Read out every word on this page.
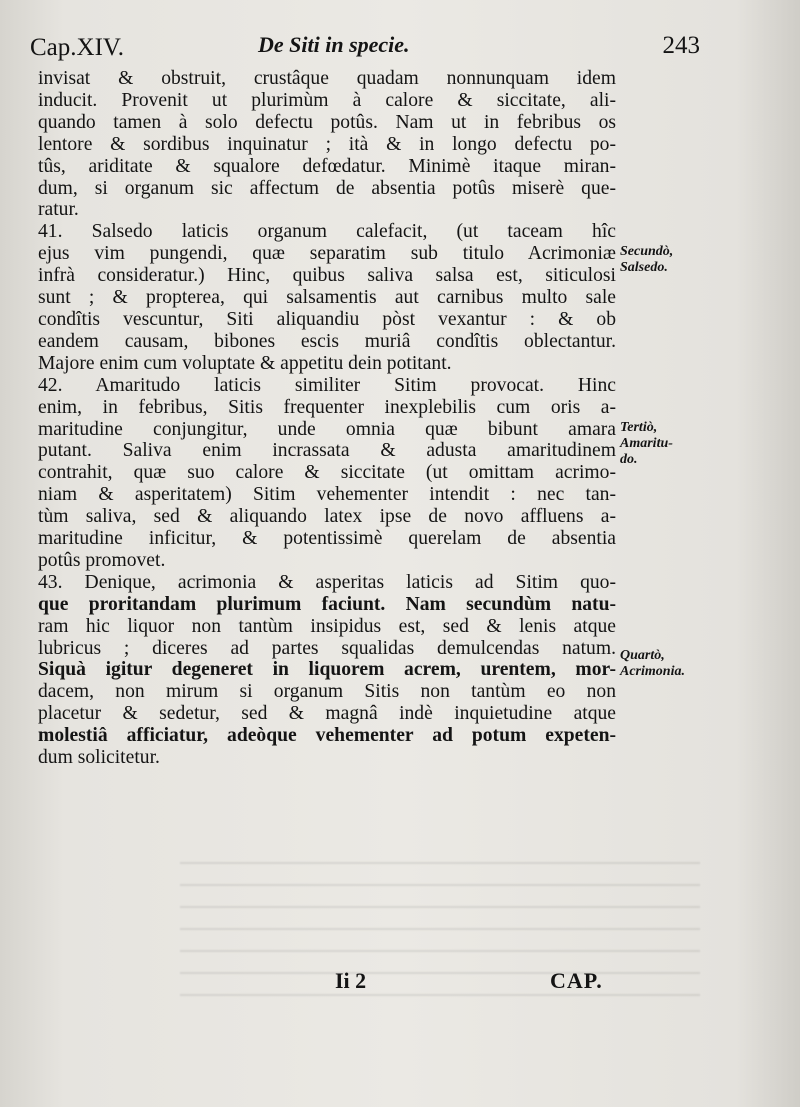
Cap.XIV.	De Siti in specie.	243
invisat & obstruit, crustâque quadam nonnunquam idem
inducit. Provenit ut plurimùm à calore & siccitate, ali-
quando tamen à solo defectu potûs. Nam ut in febribus os
lentore & sordibus inquinatur ; ità & in longo defectu po-
tûs, ariditate & squalore defœdatur. Minimè itaque miran-
dum, si organum sic affectum de absentia potûs miserè que-
ratur.
41. Salsedo laticis organum calefacit, (ut taceam hîc
ejus vim pungendi, quæ separatim sub titulo Acrimoniæ
infrà consideratur.) Hinc, quibus saliva salsa est, siticulosi
sunt ; & propterea, qui salsamentis aut carnibus multo sale
condîtis vescuntur, Siti aliquandiu pòst vexantur : & ob
eandem causam, bibones escis muriâ condîtis oblectantur.
Majore enim cum voluptate & appetitu dein potitant.
42. Amaritudo laticis similiter Sitim provocat. Hinc
enim, in febribus, Sitis frequenter inexplebilis cum oris a-
maritudine conjungitur, unde omnia quæ bibunt amara
putant. Saliva enim incrassata & adusta amaritudinem
contrahit, quæ suo calore & siccitate (ut omittam acrimo-
niam & asperitatem) Sitim vehementer intendit : nec tan-
tùm saliva, sed & aliquando latex ipse de novo affluens a-
maritudine inficitur, & potentissimè querelam de absentia
potûs promovet.
43. Denique, acrimonia & asperitas laticis ad Sitim quo-
que proritandam plurimum faciunt. Nam secundùm natu-
ram hic liquor non tantùm insipidus est, sed & lenis atque
lubricus ; diceres ad partes squalidas demulcendas natum.
Siquà igitur degeneret in liquorem acrem, urentem, mor-
dacem, non mirum si organum Sitis non tantùm eo non
placetur & sedetur, sed & magnâ indè inquietudine atque
molestiâ afficiatur, adeòque vehementer ad potum expeten-
dum solicitetur.
Secundò,
Salsedo.
Tertiò,
Amaritu-
do.
Quartò,
Acrimonia.
Ii 2	CAP.
